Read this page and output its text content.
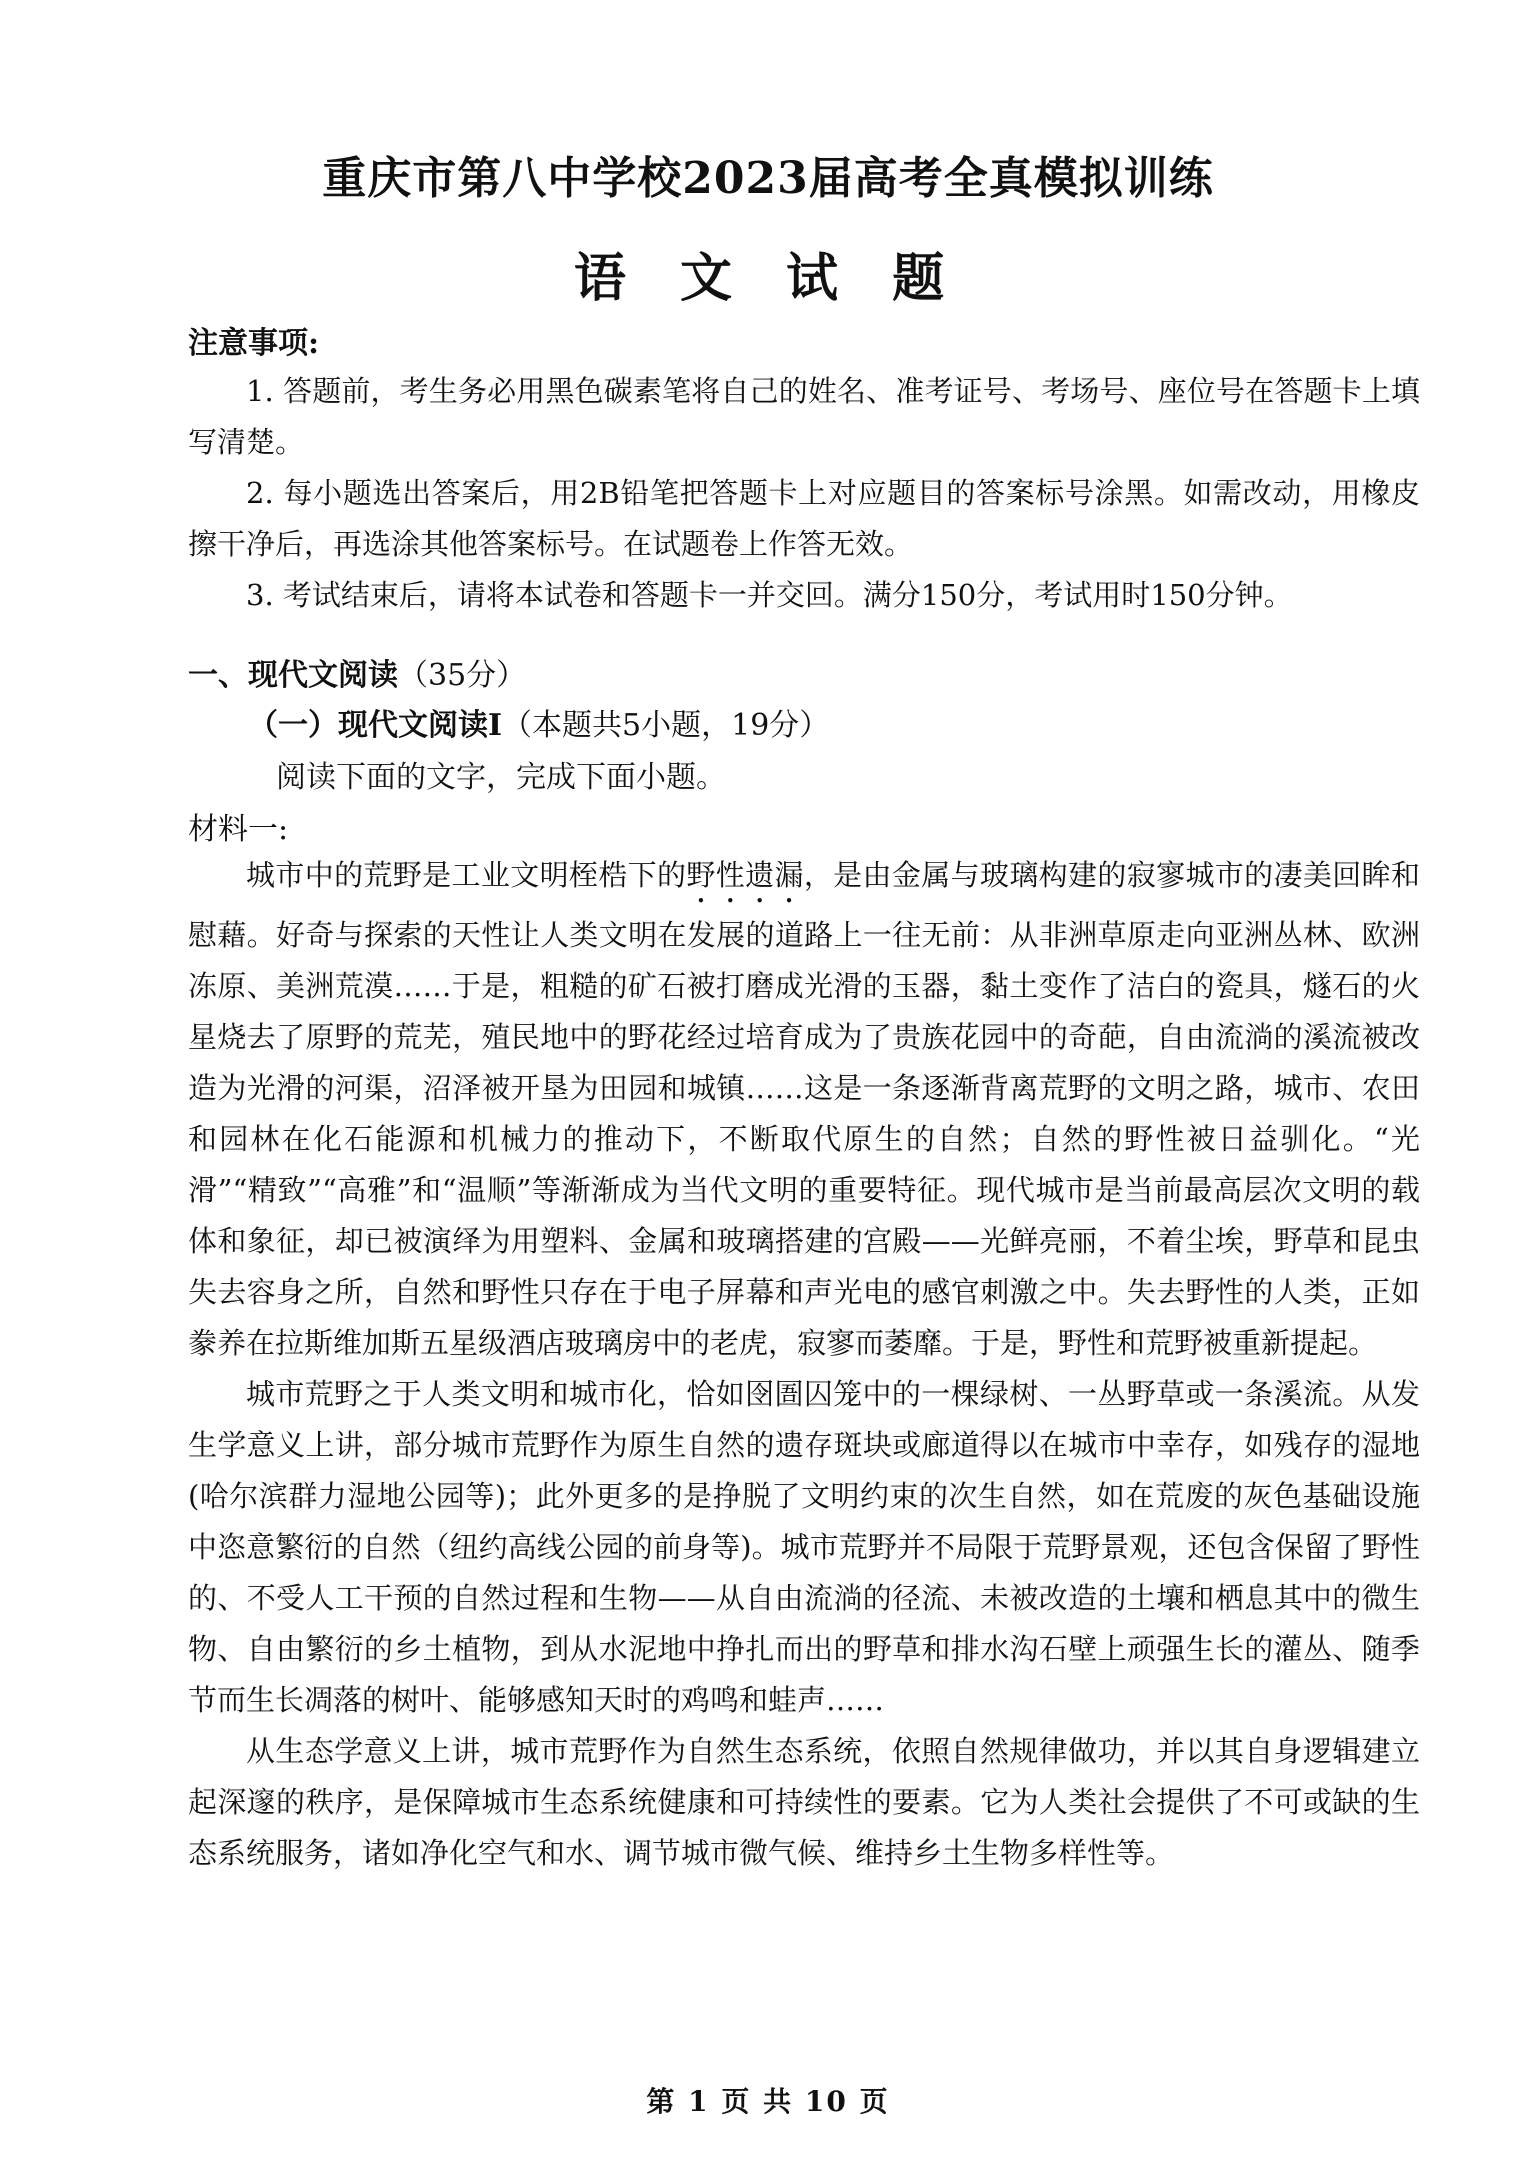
重庆市第八中学校2023届高考全真模拟训练
语 文 试 题
注意事项:

1. 答题前，考生务必用黑色碳素笔将自己的姓名、准考证号、考场号、座位号在答题卡上填写清楚。

2. 每小题选出答案后，用2B铅笔把答题卡上对应题目的答案标号涂黑。如需改动，用橡皮擦干净后，再选涂其他答案标号。在试题卷上作答无效。

3. 考试结束后，请将本试卷和答题卡一并交回。满分150分，考试用时150分钟。

一、现代文阅读（35分）
（一）现代文阅读Ⅰ（本题共5小题，19分）
阅读下面的文字，完成下面小题。
材料一:

城市中的荒野是工业文明桎梏下的野性遗漏，是由金属与玻璃构建的寂寥城市的凄美回眸和慰藉。好奇与探索的天性让人类文明在发展的道路上一往无前：从非洲草原走向亚洲丛林、欧洲冻原、美洲荒漠……于是，粗糙的矿石被打磨成光滑的玉器，黏土变作了洁白的瓷具，燧石的火星烧去了原野的荒芜，殖民地中的野花经过培育成为了贵族花园中的奇葩，自由流淌的溪流被改造为光滑的河渠，沼泽被开垦为田园和城镇……这是一条逐渐背离荒野的文明之路，城市、农田和园林在化石能源和机械力的推动下，不断取代原生的自然；自然的野性被日益驯化。“光滑”“精致”“高雅”和“温顺”等渐渐成为当代文明的重要特征。现代城市是当前最高层次文明的载体和象征，却已被演绎为用塑料、金属和玻璃搭建的宫殿——光鲜亮丽，不着尘埃，野草和昆虫失去容身之所，自然和野性只存在于电子屏幕和声光电的感官刺激之中。失去野性的人类，正如豢养在拉斯维加斯五星级酒店玻璃房中的老虎，寂寥而萎靡。于是，野性和荒野被重新提起。

城市荒野之于人类文明和城市化，恰如囹圄囚笼中的一棵绿树、一丛野草或一条溪流。从发生学意义上讲，部分城市荒野作为原生自然的遗存斑块或廊道得以在城市中幸存，如残存的湿地(哈尔滨群力湿地公园等)；此外更多的是挣脱了文明约束的次生自然，如在荒废的灰色基础设施中恣意繁衍的自然（纽约高线公园的前身等)。城市荒野并不局限于荒野景观，还包含保留了野性的、不受人工干预的自然过程和生物——从自由流淌的径流、未被改造的土壤和栖息其中的微生物、自由繁衍的乡土植物，到从水泥地中挣扎而出的野草和排水沟石壁上顽强生长的灌丛、随季节而生长凋落的树叶、能够感知天时的鸡鸣和蛙声……

从生态学意义上讲，城市荒野作为自然生态系统，依照自然规律做功，并以其自身逻辑建立起深邃的秩序，是保障城市生态系统健康和可持续性的要素。它为人类社会提供了不可或缺的生态系统服务，诸如净化空气和水、调节城市微气候、维持乡土生物多样性等。

第 1 页 共 10 页
